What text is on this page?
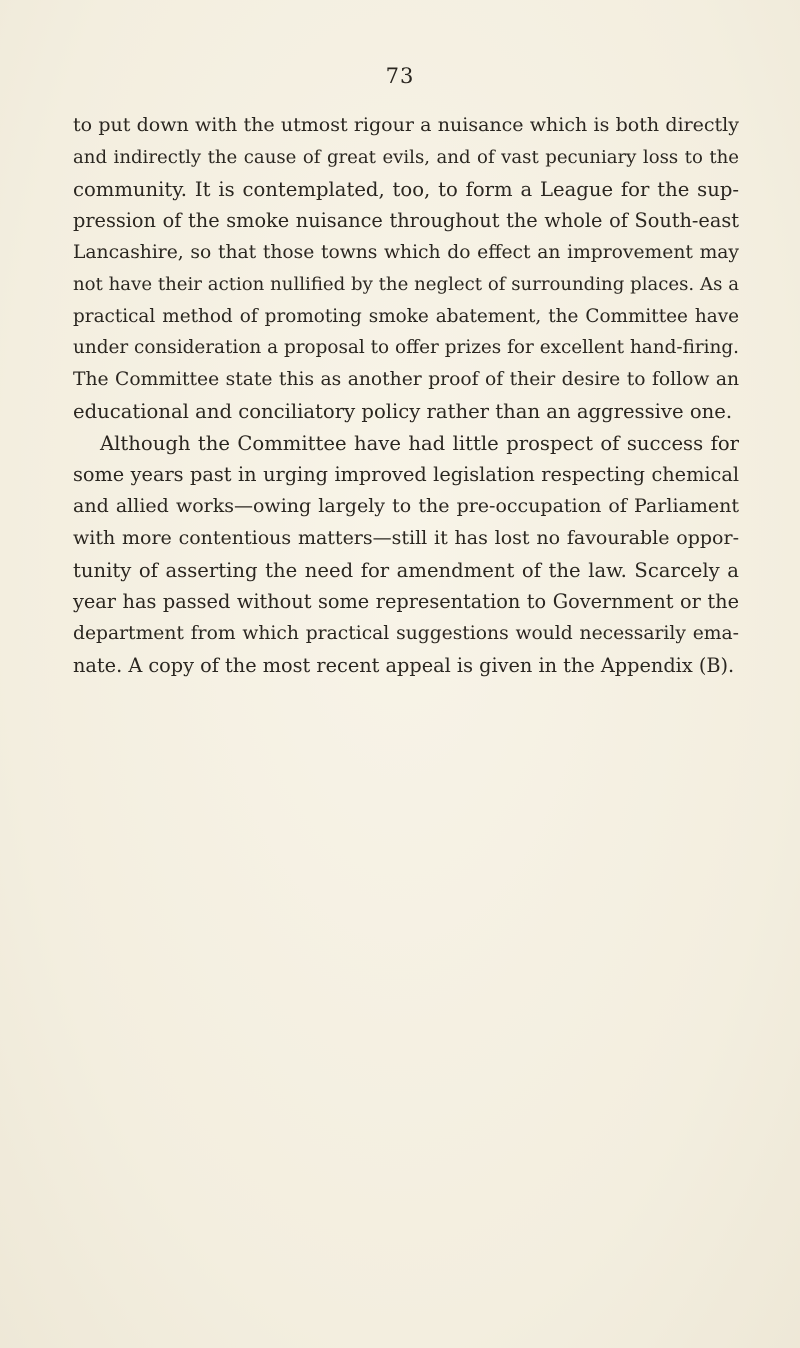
73
to put down with the utmost rigour a nuisance which is both directly
and indirectly the cause of great evils, and of vast pecuniary loss to the
community. It is contemplated, too, to form a League for the sup-
pression of the smoke nuisance throughout the whole of South-east
Lancashire, so that those towns which do effect an improvement may
not have their action nullified by the neglect of surrounding places. As a
practical method of promoting smoke abatement, the Committee have
under consideration a proposal to offer prizes for excellent hand-firing.
The Committee state this as another proof of their desire to follow an
educational and conciliatory policy rather than an aggressive one.
Although the Committee have had little prospect of success for
some years past in urging improved legislation respecting chemical
and allied works—owing largely to the pre-occupation of Parliament
with more contentious matters—still it has lost no favourable oppor-
tunity of asserting the need for amendment of the law. Scarcely a
year has passed without some representation to Government or the
department from which practical suggestions would necessarily ema-
nate. A copy of the most recent appeal is given in the Appendix (B).
